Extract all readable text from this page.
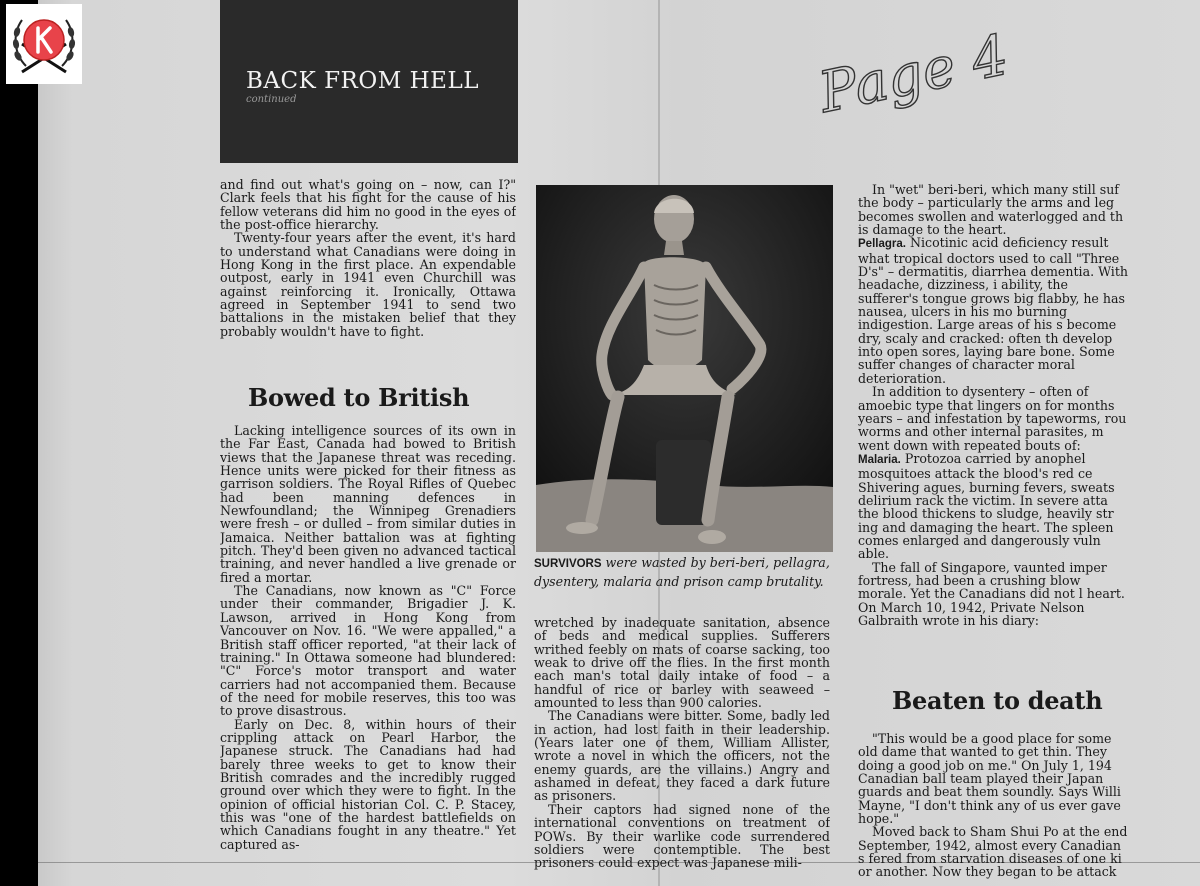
BACK FROM HELL
continued	Page 4

and find out what's going on – now, can I?" Clark feels that his fight for the cause of his fellow veterans did him no good in the eyes of the post-office hierarchy.

Twenty-four years after the event, it's hard to understand what Canadians were doing in Hong Kong in the first place. An expendable outpost, early in 1941 even Churchill was against reinforcing it. Ironically, Ottawa agreed in September 1941 to send two battalions in the mistaken belief that they probably wouldn't have to fight.

Bowed to British

Lacking intelligence sources of its own in the Far East, Canada had bowed to British views that the Japanese threat was receding. Hence units were picked for their fitness as garrison soldiers. The Royal Rifles of Quebec had been manning defences in Newfoundland; the Winnipeg Grenadiers were fresh – or dulled – from similar duties in Jamaica. Neither battalion was at fighting pitch. They'd been given no advanced tactical training, and never handled a live grenade or fired a mortar.

The Canadians, now known as "C" Force under their commander, Brigadier J. K. Lawson, arrived in Hong Kong from Vancouver on Nov. 16. "We were appalled," a British staff officer reported, "at their lack of training." In Ottawa someone had blundered: "C" Force's motor transport and water carriers had not accompanied them. Because of the need for mobile reserves, this too was to prove disastrous.

Early on Dec. 8, within hours of their crippling attack on Pearl Harbor, the Japanese struck. The Canadians had had barely three weeks to get to know their British comrades and the incredibly rugged ground over which they were to fight. In the opinion of official historian Col. C. P. Stacey, this was "one of the hardest battlefields on which Canadians fought in any theatre." Yet captured as-

SURVIVORS were wasted by beri-beri, pellagra, dysentery, malaria and prison camp brutality.

wretched by inadequate sanitation, absence of beds and medical supplies. Sufferers writhed feebly on mats of coarse sacking, too weak to drive off the flies. In the first month each man's total daily intake of food – a handful of rice or barley with seaweed – amounted to less than 900 calories.

The Canadians were bitter. Some, badly led in action, had lost faith in their leadership. (Years later one of them, William Allister, wrote a novel in which the officers, not the enemy guards, are the villains.) Angry and ashamed in defeat, they faced a dark future as prisoners.

Their captors had signed none of the international conventions on treatment of POWs. By their warlike code surrendered soldiers were contemptible. The best prisoners could expect was Japanese mili-

In "wet" beri-beri, which many still suf the body – particularly the arms and leg becomes swollen and waterlogged and th is damage to the heart.

Pellagra. Nicotinic acid deficiency result what tropical doctors used to call "Three D's" – dermatitis, diarrhea dementia. With headache, dizziness, i ability, the sufferer's tongue grows big flabby, he has nausea, ulcers in his mo burning indigestion. Large areas of his s become dry, scaly and cracked: often th develop into open sores, laying bare bone. Some suffer changes of character moral deterioration.

In addition to dysentery – often of amoebic type that lingers on for months years – and infestation by tapeworms, rou worms and other internal parasites, m went down with repeated bouts of:

Malaria. Protozoa carried by anophel mosquitoes attack the blood's red ce Shivering agues, burning fevers, sweats delirium rack the victim. In severe atta the blood thickens to sludge, heavily str ing and damaging the heart. The spleen comes enlarged and dangerously vuln able.

The fall of Singapore, vaunted imper fortress, had been a crushing blow morale. Yet the Canadians did not l heart. On March 10, 1942, Private Nelson Galbraith wrote in his diary:

Beaten to death

"This would be a good place for some old dame that wanted to get thin. They doing a good job on me." On July 1, 194 Canadian ball team played their Japan guards and beat them soundly. Says Willi Mayne, "I don't think any of us ever gave hope."

Moved back to Sham Shui Po at the end September, 1942, almost every Canadian s fered from starvation diseases of one ki or another. Now they began to be attack
